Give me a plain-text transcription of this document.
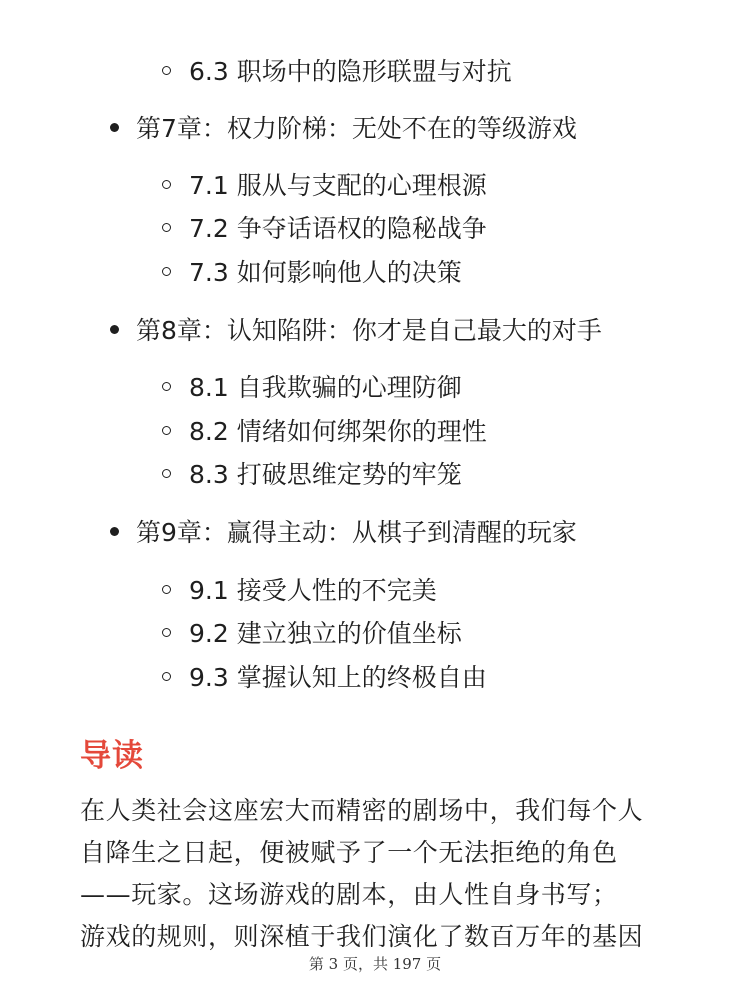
6.3 职场中的隐形联盟与对抗
第7章：权力阶梯：无处不在的等级游戏
7.1 服从与支配的心理根源
7.2 争夺话语权的隐秘战争
7.3 如何影响他人的决策
第8章：认知陷阱：你才是自己最大的对手
8.1 自我欺骗的心理防御
8.2 情绪如何绑架你的理性
8.3 打破思维定势的牢笼
第9章：赢得主动：从棋子到清醒的玩家
9.1 接受人性的不完美
9.2 建立独立的价值坐标
9.3 掌握认知上的终极自由
导读
在人类社会这座宏大而精密的剧场中，我们每个人
自降生之日起，便被赋予了一个无法拒绝的角色
——玩家。这场游戏的剧本，由人性自身书写；
游戏的规则，则深植于我们演化了数百万年的基因
第 3 页，共 197 页
